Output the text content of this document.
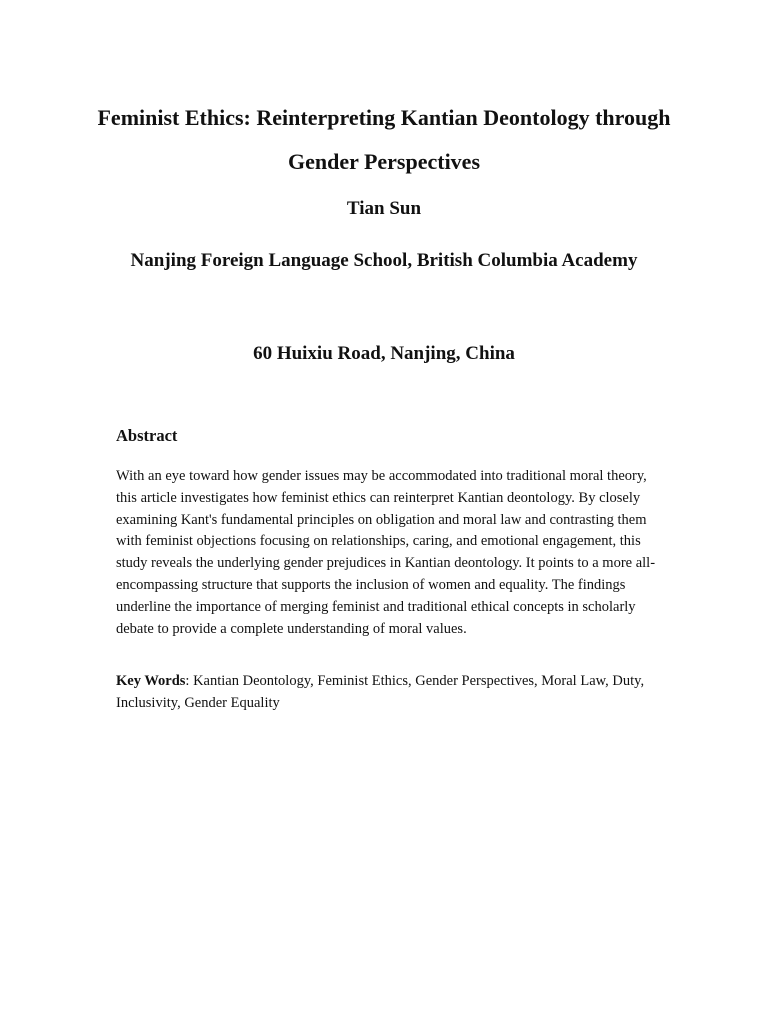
Feminist Ethics: Reinterpreting Kantian Deontology through Gender Perspectives

Tian Sun

Nanjing Foreign Language School, British Columbia Academy

60 Huixiu Road, Nanjing, China

Abstract

With an eye toward how gender issues may be accommodated into traditional moral theory, this article investigates how feminist ethics can reinterpret Kantian deontology. By closely examining Kant's fundamental principles on obligation and moral law and contrasting them with feminist objections focusing on relationships, caring, and emotional engagement, this study reveals the underlying gender prejudices in Kantian deontology. It points to a more all-encompassing structure that supports the inclusion of women and equality. The findings underline the importance of merging feminist and traditional ethical concepts in scholarly debate to provide a complete understanding of moral values.

Key Words: Kantian Deontology, Feminist Ethics, Gender Perspectives, Moral Law, Duty, Inclusivity, Gender Equality
